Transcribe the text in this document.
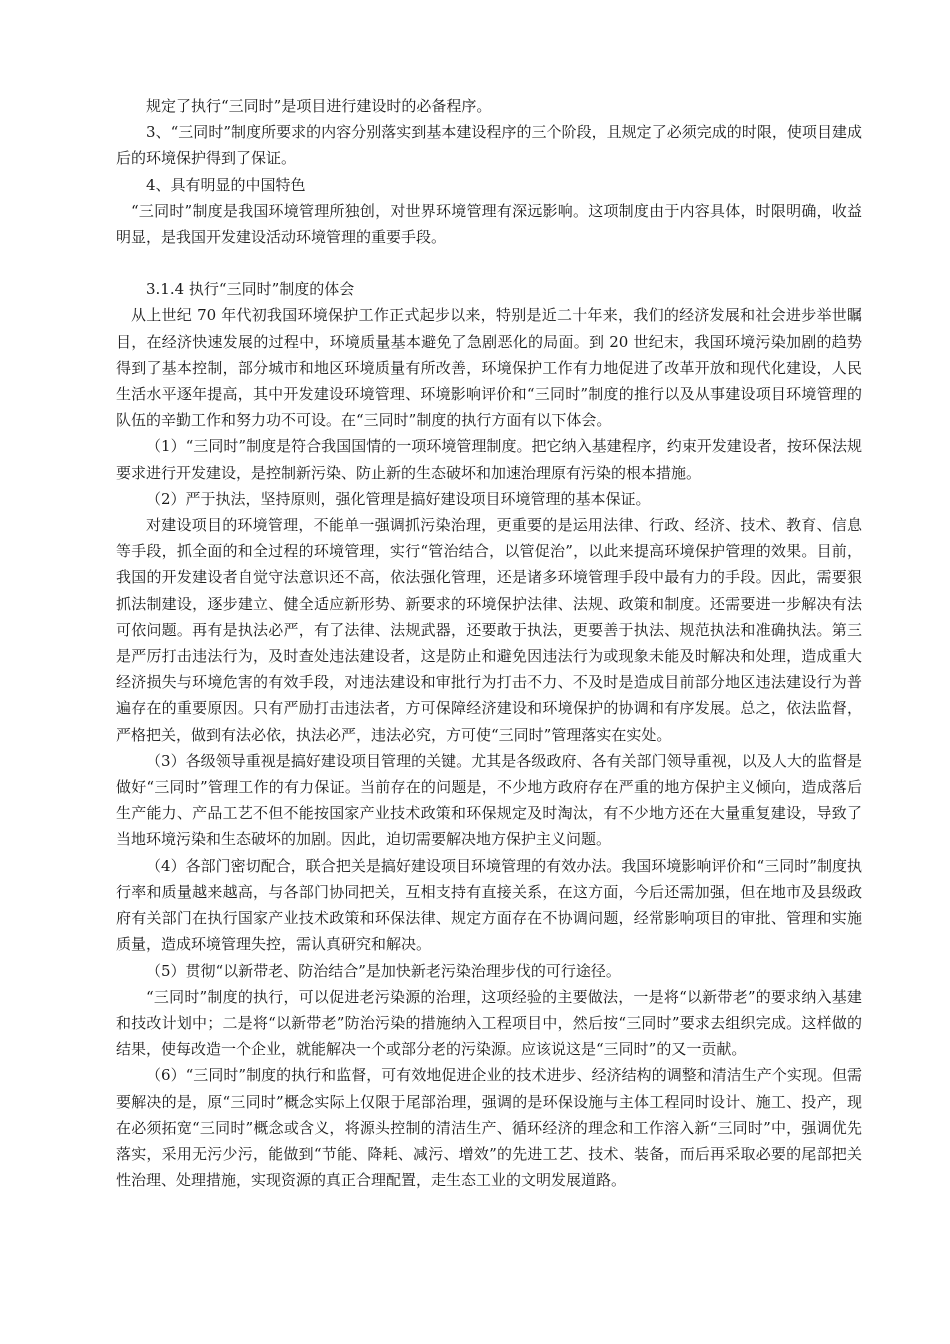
规定了执行“三同时”是项目进行建设时的必备程序。

3、“三同时”制度所要求的内容分别落实到基本建设程序的三个阶段，且规定了必须完成的时限，使项目建成后的环境保护得到了保证。

4、具有明显的中国特色

“三同时”制度是我国环境管理所独创，对世界环境管理有深远影响。这项制度由于内容具体，时限明确，收益明显，是我国开发建设活动环境管理的重要手段。

3.1.4 执行“三同时”制度的体会

从上世纪 70 年代初我国环境保护工作正式起步以来，特别是近二十年来，我们的经济发展和社会进步举世瞩目，在经济快速发展的过程中，环境质量基本避免了急剧恶化的局面。到 20 世纪末，我国环境污染加剧的趋势得到了基本控制，部分城市和地区环境质量有所改善，环境保护工作有力地促进了改革开放和现代化建设，人民生活水平逐年提高，其中开发建设环境管理、环境影响评价和“三同时”制度的推行以及从事建设项目环境管理的队伍的辛勤工作和努力功不可设。在“三同时”制度的执行方面有以下体会。

（1）“三同时”制度是符合我国国情的一项环境管理制度。把它纳入基建程序，约束开发建设者，按环保法规要求进行开发建设，是控制新污染、防止新的生态破坏和加速治理原有污染的根本措施。

（2）严于执法，坚持原则，强化管理是搞好建设项目环境管理的基本保证。

对建设项目的环境管理，不能单一强调抓污染治理，更重要的是运用法律、行政、经济、技术、教育、信息等手段，抓全面的和全过程的环境管理，实行“管治结合，以管促治”，以此来提高环境保护管理的效果。目前，我国的开发建设者自觉守法意识还不高，依法强化管理，还是诸多环境管理手段中最有力的手段。因此，需要狠抓法制建设，逐步建立、健全适应新形势、新要求的环境保护法律、法规、政策和制度。还需要进一步解决有法可依问题。再有是执法必严，有了法律、法规武器，还要敢于执法，更要善于执法、规范执法和准确执法。第三是严厉打击违法行为，及时查处违法建设者，这是防止和避免因违法行为或现象未能及时解决和处理，造成重大经济损失与环境危害的有效手段，对违法建设和审批行为打击不力、不及时是造成目前部分地区违法建设行为普遍存在的重要原因。只有严励打击违法者，方可保障经济建设和环境保护的协调和有序发展。总之，依法监督，严格把关，做到有法必依，执法必严，违法必究，方可使“三同时”管理落实在实处。

（3）各级领导重视是搞好建设项目管理的关键。尤其是各级政府、各有关部门领导重视，以及人大的监督是做好“三同时”管理工作的有力保证。当前存在的问题是，不少地方政府存在严重的地方保护主义倾向，造成落后生产能力、产品工艺不但不能按国家产业技术政策和环保规定及时淘汰，有不少地方还在大量重复建设，导致了当地环境污染和生态破坏的加剧。因此，迫切需要解决地方保护主义问题。

（4）各部门密切配合，联合把关是搞好建设项目环境管理的有效办法。我国环境影响评价和“三同时”制度执行率和质量越来越高，与各部门协同把关，互相支持有直接关系，在这方面，今后还需加强，但在地市及县级政府有关部门在执行国家产业技术政策和环保法律、规定方面存在不协调问题，经常影响项目的审批、管理和实施质量，造成环境管理失控，需认真研究和解决。

（5）贯彻“以新带老、防治结合”是加快新老污染治理步伐的可行途径。

“三同时”制度的执行，可以促进老污染源的治理，这项经验的主要做法，一是将“以新带老”的要求纳入基建和技改计划中；二是将“以新带老”防治污染的措施纳入工程项目中，然后按“三同时”要求去组织完成。这样做的结果，使每改造一个企业，就能解决一个或部分老的污染源。应该说这是“三同时”的又一贡献。

（6）“三同时”制度的执行和监督，可有效地促进企业的技术进步、经济结构的调整和清洁生产个实现。但需要解决的是，原“三同时”概念实际上仅限于尾部治理，强调的是环保设施与主体工程同时设计、施工、投产，现在必须拓宽“三同时”概念或含义，将源头控制的清洁生产、循环经济的理念和工作溶入新“三同时”中，强调优先落实，采用无污少污，能做到“节能、降耗、减污、增效”的先进工艺、技术、装备，而后再采取必要的尾部把关性治理、处理措施，实现资源的真正合理配置，走生态工业的文明发展道路。
